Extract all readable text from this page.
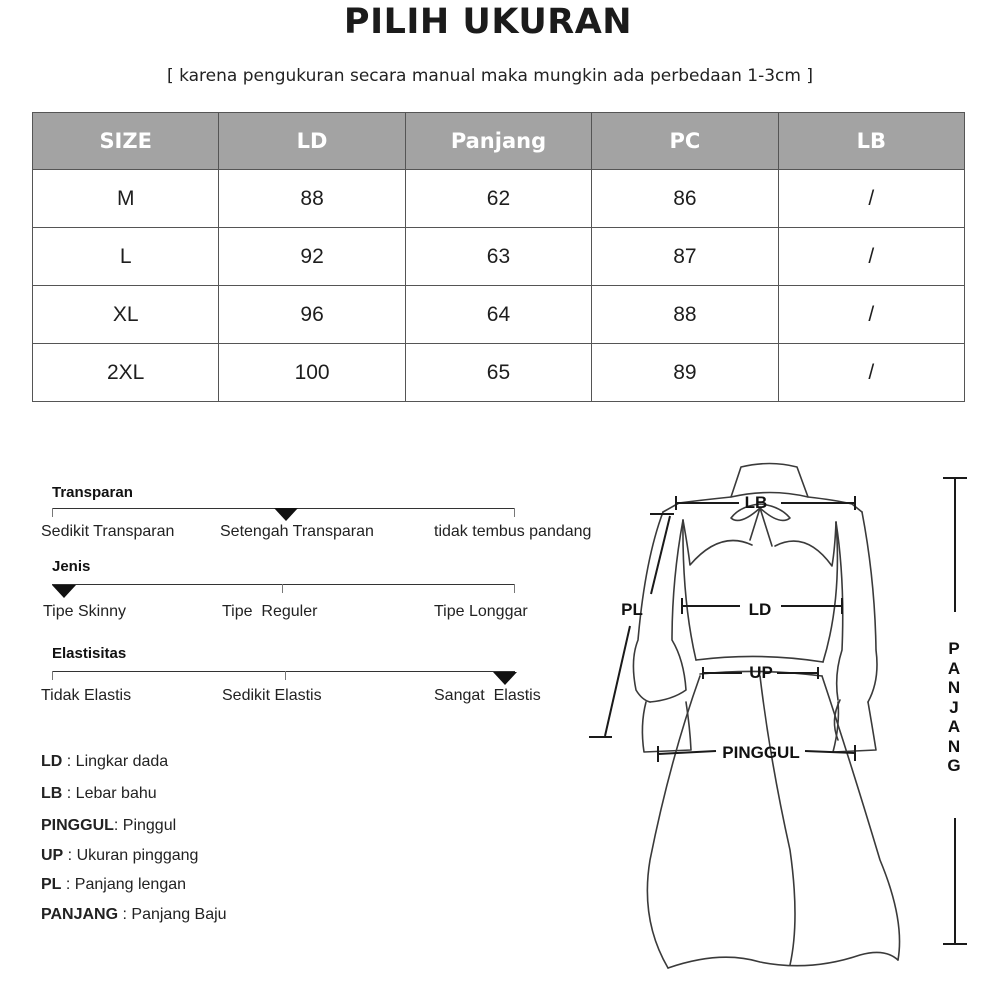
PILIH UKURAN
[ karena pengukuran secara manual maka mungkin ada perbedaan 1-3cm ]
SIZE	LD	Panjang	PC	LB
M	88	62	86	/
L	92	63	87	/
XL	96	64	88	/
2XL	100	65	89	/
Transparan
Sedikit Transparan	Setengah Transparan	tidak tembus pandang
Jenis
Tipe Skinny	Tipe  Reguler	Tipe Longgar
Elastisitas
Tidak Elastis	Sedikit Elastis	Sangat  Elastis
LD : Lingkar dada
LB : Lebar bahu
PINGGUL: Pinggul
UP : Ukuran pinggang
PL : Panjang lengan
PANJANG : Panjang Baju
LB
PL	LD
UP
PINGGUL
P
A
N
J
A
N
G
